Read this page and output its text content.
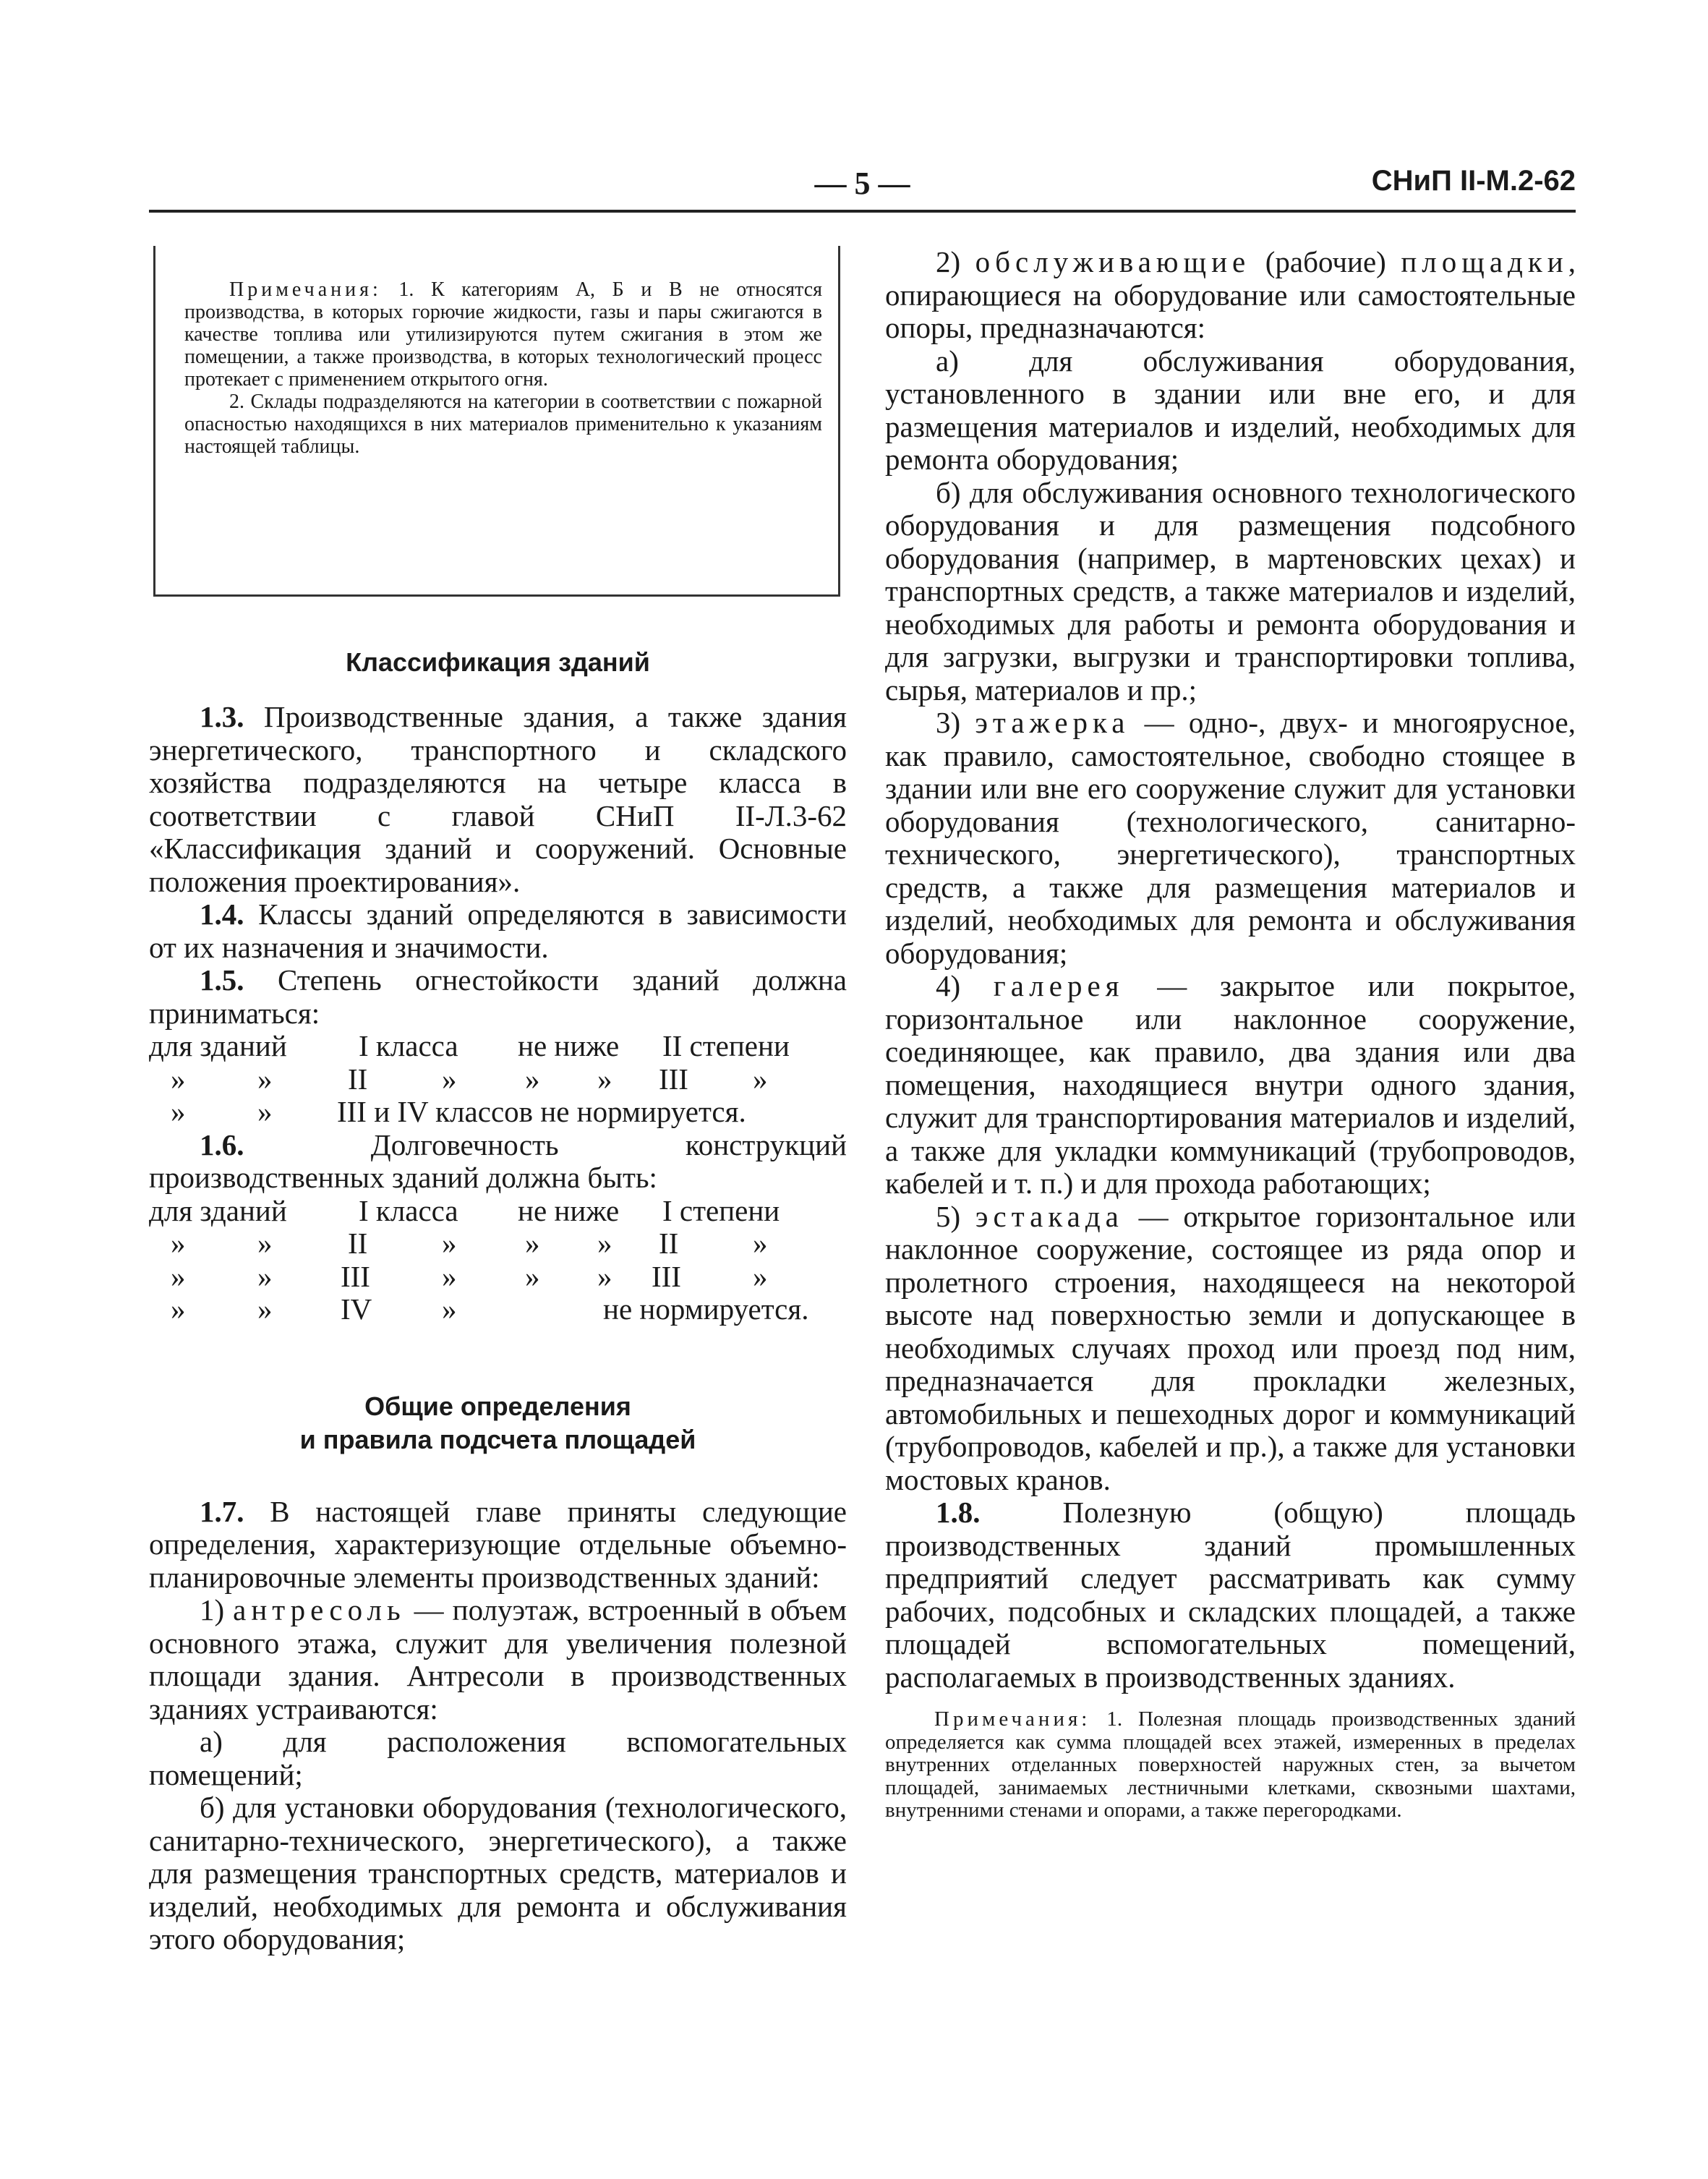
— 5 —	СНиП II-М.2-62

Примечания: 1. К категориям А, Б и В не относятся производства, в которых горючие жидкости, газы и пары сжигаются в качестве топлива или утилизируются путем сжигания в этом же помещении, а также производства, в которых технологический процесс протекает с применением открытого огня.

2. Склады подразделяются на категории в соответствии с пожарной опасностью находящихся в них материалов применительно к указаниям настоящей таблицы.

Классификация зданий

1.3. Производственные здания, а также здания энергетического, транспортного и складского хозяйства подразделяются на четыре класса в соответствии с главой СНиП II-Л.3-62 «Классификация зданий и сооружений. Основные положения проектирования».

1.4. Классы зданий определяются в зависимости от их назначения и значимости.

1.5. Степень огнестойкости зданий должна приниматься:

для зданий I класса не ниже II степени
» »	II	» » » III »
» » III и IV классов не нормируется.

1.6. Долговечность конструкций производственных зданий должна быть:

для зданий I класса не ниже I степени
» »	II	» » » II	»
» » III » » » III »
» » IV »	не нормируется.
Общие определения
и правила подсчета площадей

1.7. В настоящей главе приняты следующие определения, характеризующие отдельные объемно-планировочные элементы производственных зданий:

1) антресоль — полуэтаж, встроенный в объем основного этажа, служит для увеличения полезной площади здания. Антресоли в производственных зданиях устраиваются:

а) для расположения вспомогательных помещений;

б) для установки оборудования (технологического, санитарно-технического, энергетического), а также для размещения транспортных средств, материалов и изделий, необходимых для ремонта и обслуживания этого оборудования;

2) обслуживающие (рабочие) площадки, опирающиеся на оборудование или самостоятельные опоры, предназначаются:

а) для обслуживания оборудования, установленного в здании или вне его, и для размещения материалов и изделий, необходимых для ремонта оборудования;

б) для обслуживания основного технологического оборудования и для размещения подсобного оборудования (например, в мартеновских цехах) и транспортных средств, а также материалов и изделий, необходимых для работы и ремонта оборудования и для загрузки, выгрузки и транспортировки топлива, сырья, материалов и пр.;

3) этажерка — одно-, двух- и многоярусное, как правило, самостоятельное, свободно стоящее в здании или вне его сооружение служит для установки оборудования (технологического, санитарно-технического, энергетического), транспортных средств, а также для размещения материалов и изделий, необходимых для ремонта и обслуживания оборудования;

4) галерея — закрытое или покрытое, горизонтальное или наклонное сооружение, соединяющее, как правило, два здания или два помещения, находящиеся внутри одного здания, служит для транспортирования материалов и изделий, а также для укладки коммуникаций (трубопроводов, кабелей и т. п.) и для прохода работающих;

5) эстакада — открытое горизонтальное или наклонное сооружение, состоящее из ряда опор и пролетного строения, находящееся на некоторой высоте над поверхностью земли и допускающее в необходимых случаях проход или проезд под ним, предназначается для прокладки железных, автомобильных и пешеходных дорог и коммуникаций (трубопроводов, кабелей и пр.), а также для установки мостовых кранов.

1.8. Полезную (общую) площадь производственных зданий промышленных предприятий следует рассматривать как сумму рабочих, подсобных и складских площадей, а также площадей вспомогательных помещений, располагаемых в производственных зданиях.

Примечания: 1. Полезная площадь производственных зданий определяется как сумма площадей всех этажей, измеренных в пределах внутренних отделанных поверхностей наружных стен, за вычетом площадей, занимаемых лестничными клетками, сквозными шахтами, внутренними стенами и опорами, а также перегородками.
